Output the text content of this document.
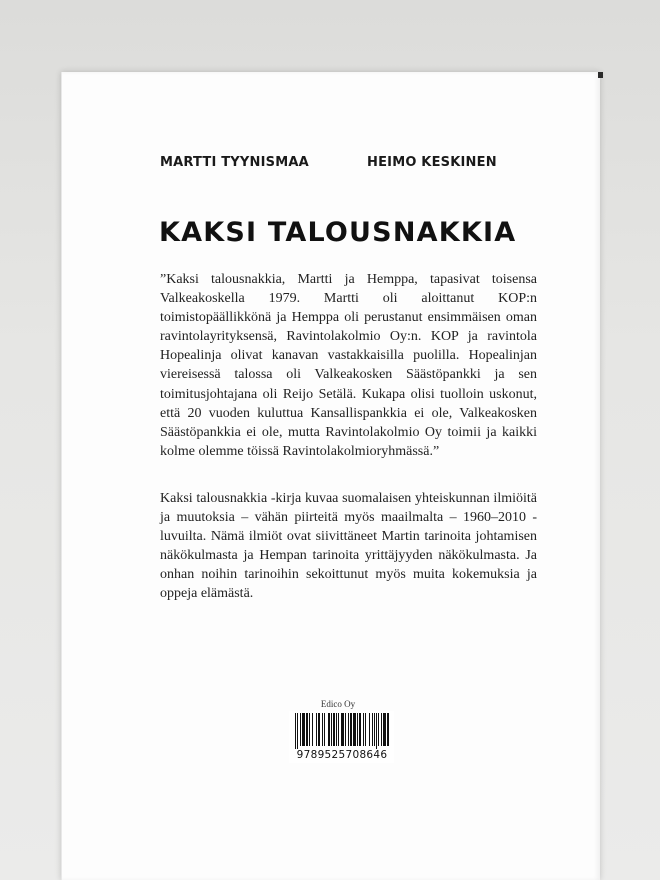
MARTTI TYYNISMAA	HEIMO KESKINEN
KAKSI TALOUSNAKKIA

”Kaksi talousnakkia, Martti ja Hemppa, tapasivat toisensa Valkeakoskella 1979. Martti oli aloittanut KOP:n toimistopäällikkönä ja Hemppa oli perustanut ensimmäisen oman ravintolayrityksensä, Ravintolakolmio Oy:n. KOP ja ravintola Hopealinja olivat kanavan vastakkaisilla puolilla. Hopealinjan viereisessä talossa oli Valkeakosken Säästöpankki ja sen toimitusjohtajana oli Reijo Setälä. Kukapa olisi tuolloin uskonut, että 20 vuoden kuluttua Kansallispankkia ei ole, Valkeakosken Säästöpankkia ei ole, mutta Ravintolakolmio Oy toimii ja kaikki kolme olemme töissä Ravintolakolmioryhmässä.”

Kaksi talousnakkia -kirja kuvaa suomalaisen yhteiskunnan ilmiöitä ja muutoksia – vähän piirteitä myös maailmalta – 1960–2010 -luvuilta. Nämä ilmiöt ovat siivittäneet Martin tarinoita johtamisen näkökulmasta ja Hempan tarinoita yrittäjyyden näkökulmasta. Ja onhan noihin tarinoihin sekoittunut myös muita kokemuksia ja oppeja elämästä.

Edico Oy
9789525708646
